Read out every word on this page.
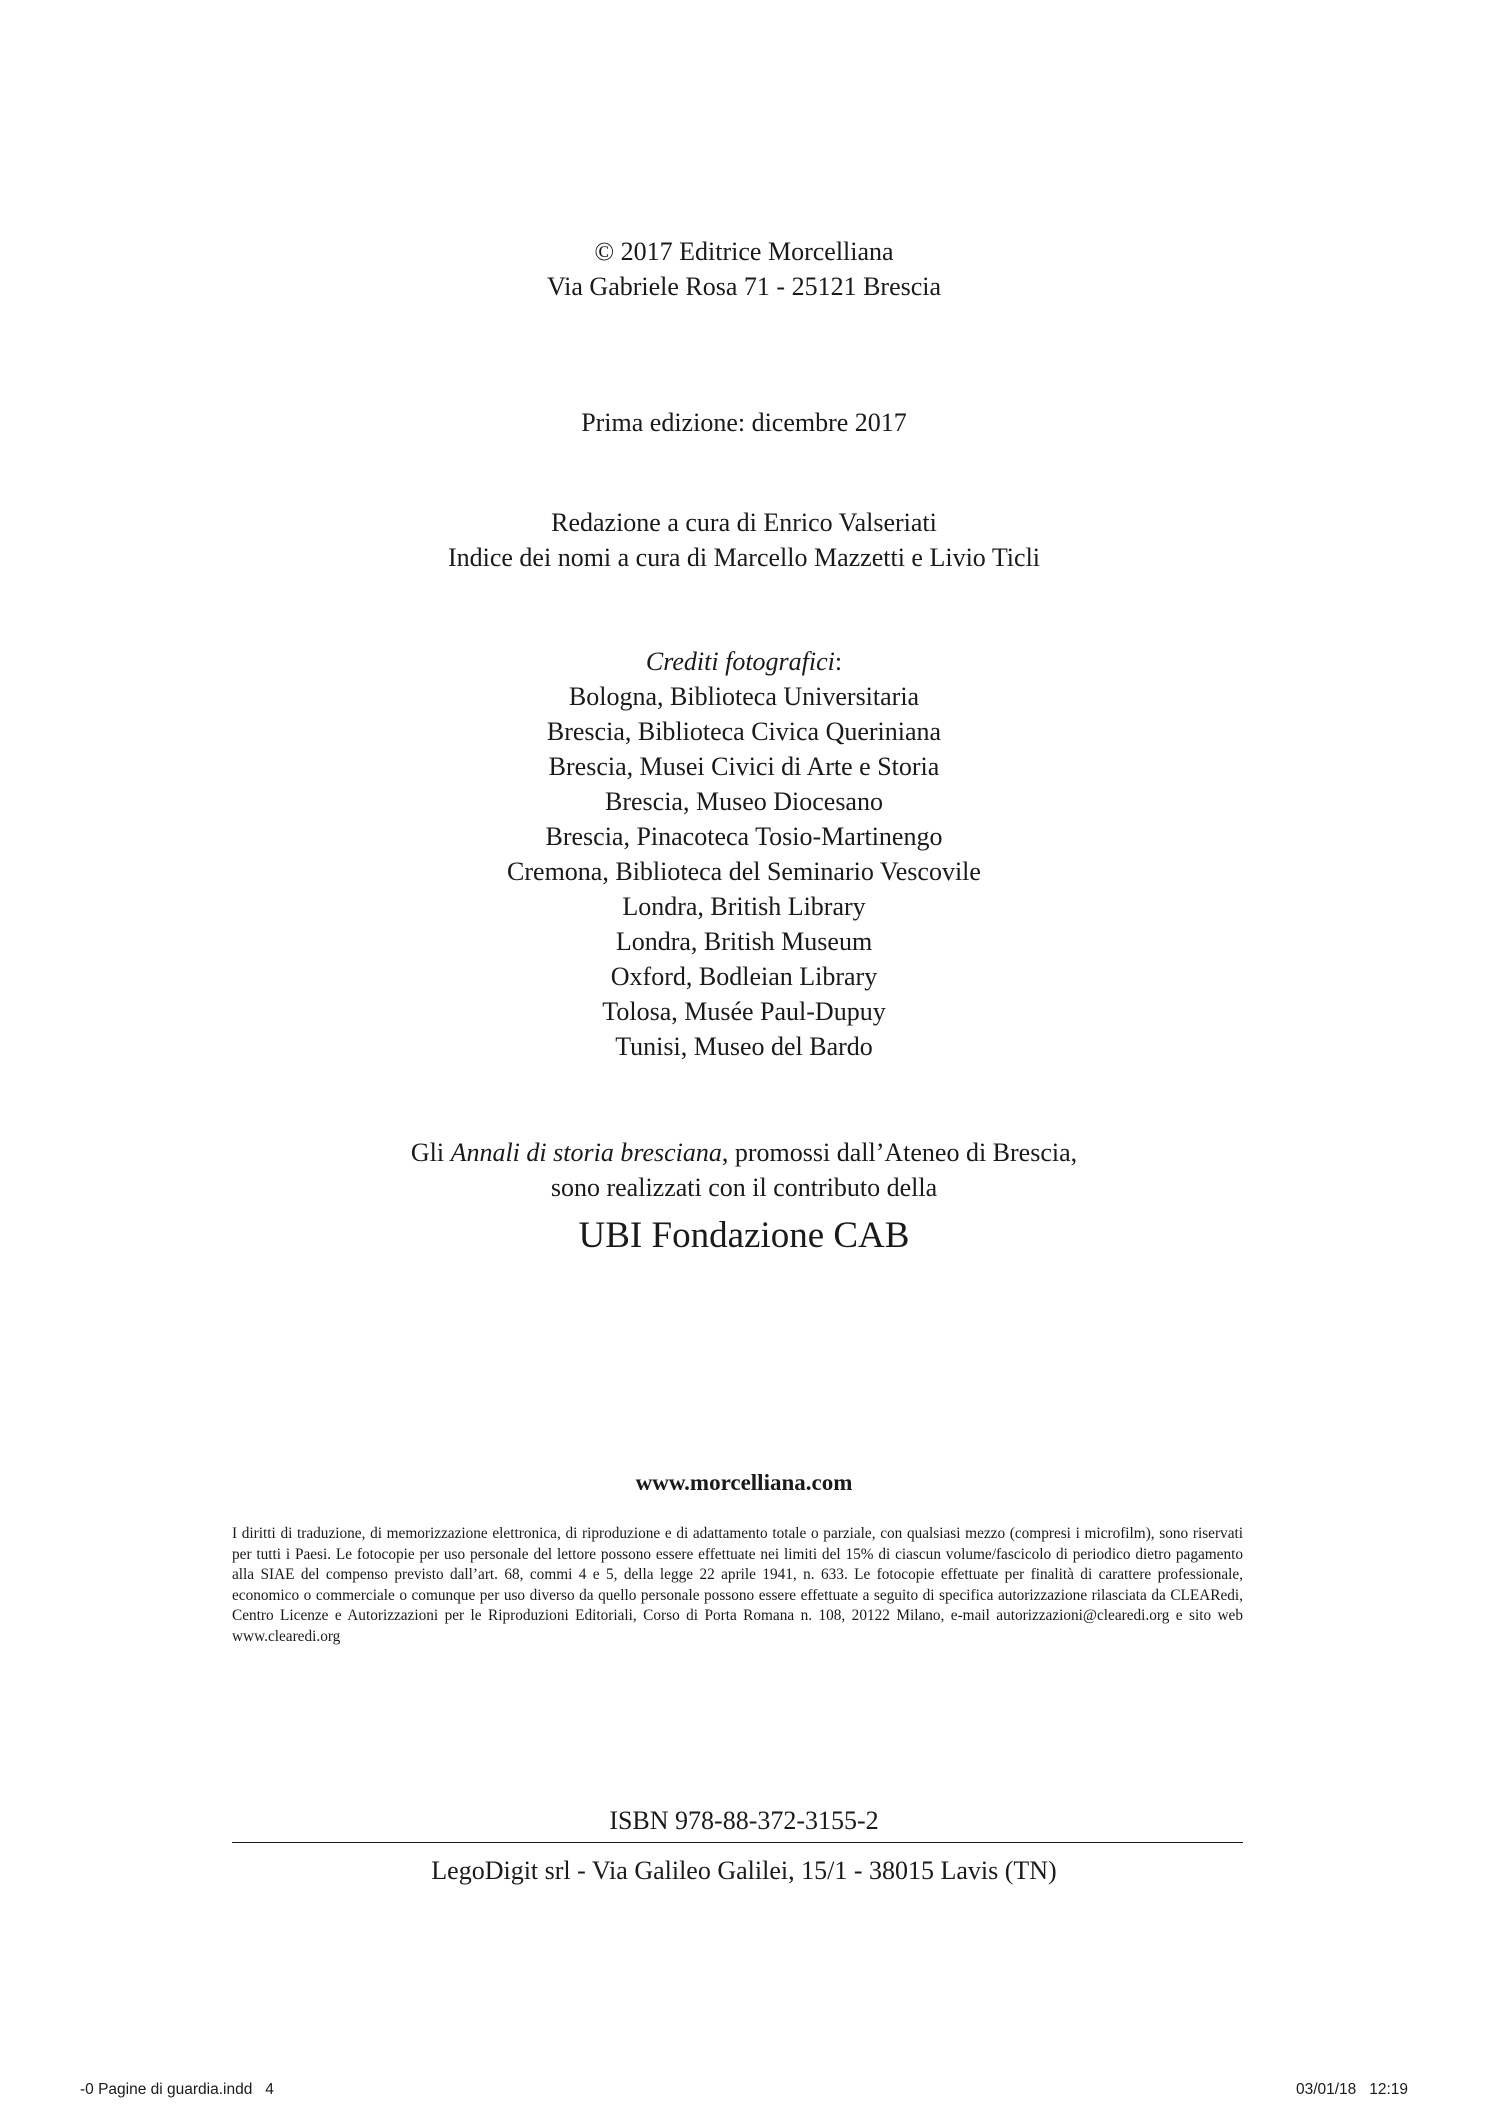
© 2017 Editrice Morcelliana
Via Gabriele Rosa 71 - 25121 Brescia
Prima edizione: dicembre 2017
Redazione a cura di Enrico Valseriati
Indice dei nomi a cura di Marcello Mazzetti e Livio Ticli
Crediti fotografici:
Bologna, Biblioteca Universitaria
Brescia, Biblioteca Civica Queriniana
Brescia, Musei Civici di Arte e Storia
Brescia, Museo Diocesano
Brescia, Pinacoteca Tosio-Martinengo
Cremona, Biblioteca del Seminario Vescovile
Londra, British Library
Londra, British Museum
Oxford, Bodleian Library
Tolosa, Musée Paul-Dupuy
Tunisi, Museo del Bardo
Gli Annali di storia bresciana, promossi dall’Ateneo di Brescia,
sono realizzati con il contributo della
UBI Fondazione CAB
www.morcelliana.com
I diritti di traduzione, di memorizzazione elettronica, di riproduzione e di adattamento totale o parziale, con qualsiasi mezzo (compresi i microfilm), sono riservati per tutti i Paesi. Le fotocopie per uso personale del lettore possono essere effettuate nei limiti del 15% di ciascun volume/fascicolo di periodico dietro pagamento alla SIAE del compenso previsto dall’art. 68, commi 4 e 5, della legge 22 aprile 1941, n. 633. Le fotocopie effettuate per finalità di carattere professionale, economico o commerciale o comunque per uso diverso da quello personale possono essere effettuate a seguito di specifica autorizzazione rilasciata da CLEARedi, Centro Licenze e Autorizzazioni per le Riproduzioni Editoriali, Corso di Porta Romana n. 108, 20122 Milano, e-mail autorizzazioni@clearedi.org e sito web www.clearedi.org
ISBN 978-88-372-3155-2
LegoDigit srl - Via Galileo Galilei, 15/1 - 38015 Lavis (TN)
-0 Pagine di guardia.indd   4	03/01/18   12:19
